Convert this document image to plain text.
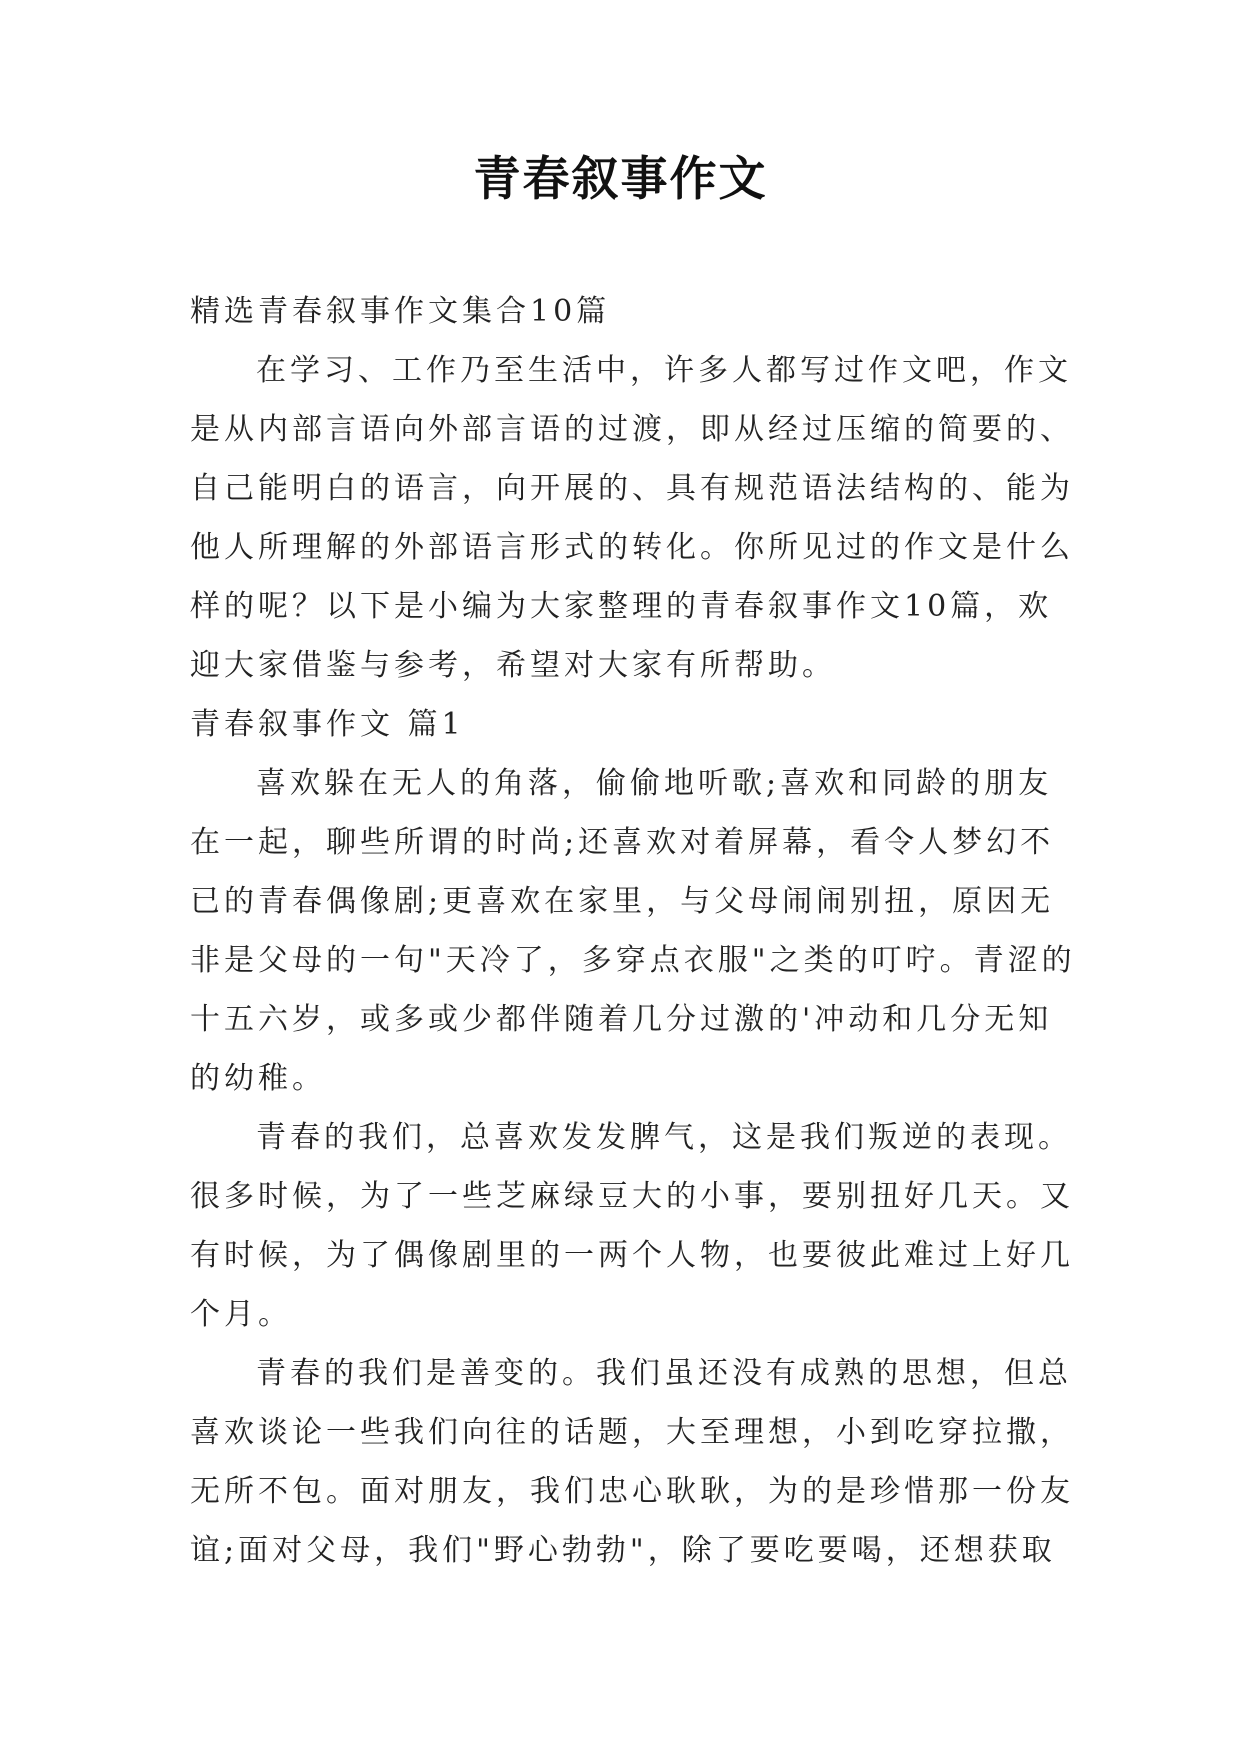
青春叙事作文
精选青春叙事作文集合10篇
在学习、工作乃至生活中，许多人都写过作文吧，作文
是从内部言语向外部言语的过渡，即从经过压缩的简要的、
自己能明白的语言，向开展的、具有规范语法结构的、能为
他人所理解的外部语言形式的转化。你所见过的作文是什么
样的呢？以下是小编为大家整理的青春叙事作文10篇，欢
迎大家借鉴与参考，希望对大家有所帮助。
青春叙事作文 篇1
喜欢躲在无人的角落，偷偷地听歌;喜欢和同龄的朋友
在一起，聊些所谓的时尚;还喜欢对着屏幕，看令人梦幻不
已的青春偶像剧;更喜欢在家里，与父母闹闹别扭，原因无
非是父母的一句"天冷了，多穿点衣服"之类的叮咛。青涩的
十五六岁，或多或少都伴随着几分过激的'冲动和几分无知
的幼稚。
青春的我们，总喜欢发发脾气，这是我们叛逆的表现。
很多时候，为了一些芝麻绿豆大的小事，要别扭好几天。又
有时候，为了偶像剧里的一两个人物，也要彼此难过上好几
个月。
青春的我们是善变的。我们虽还没有成熟的思想，但总
喜欢谈论一些我们向往的话题，大至理想，小到吃穿拉撒，
无所不包。面对朋友，我们忠心耿耿，为的是珍惜那一份友
谊;面对父母，我们"野心勃勃"，除了要吃要喝，还想获取
